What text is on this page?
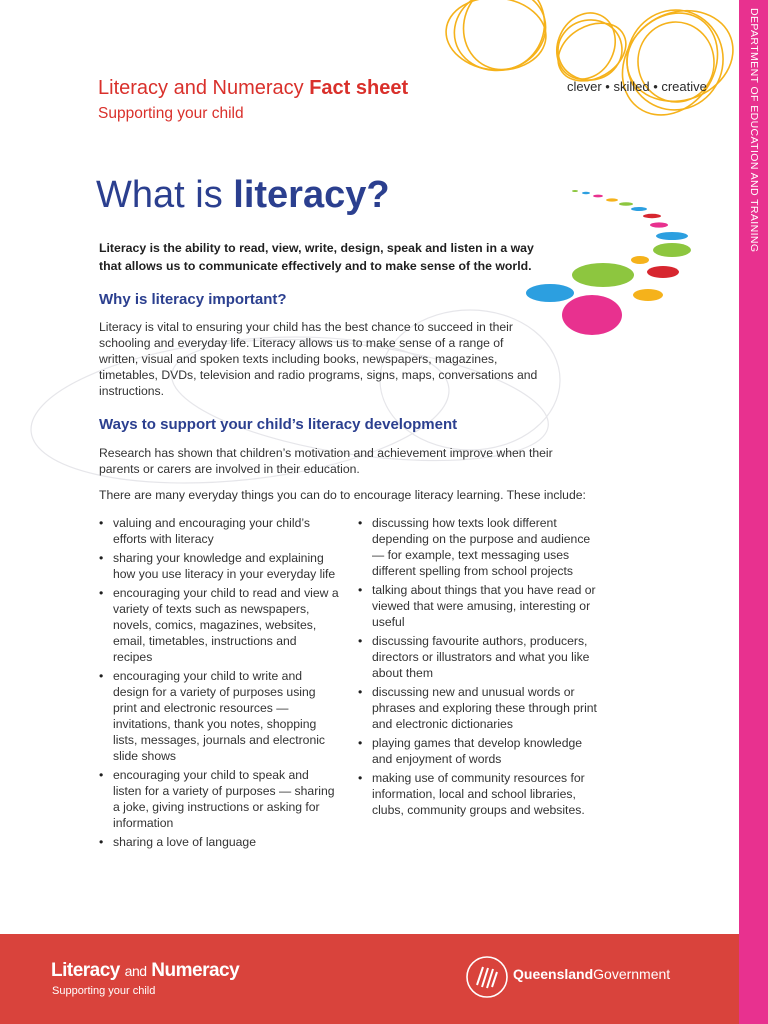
DEPARTMENT OF EDUCATION AND TRAINING
Literacy and Numeracy Fact sheet
Supporting your child
clever • skilled • creative
What is literacy?
Literacy is the ability to read, view, write, design, speak and listen in a way that allows us to communicate effectively and to make sense of the world.
Why is literacy important?
Literacy is vital to ensuring your child has the best chance to succeed in their schooling and everyday life. Literacy allows us to make sense of a range of written, visual and spoken texts including books, newspapers, magazines, timetables, DVDs, television and radio programs, signs, maps, conversations and instructions.
Ways to support your child’s literacy development
Research has shown that children’s motivation and achievement improve when their parents or carers are involved in their education.
There are many everyday things you can do to encourage literacy learning. These include:
• valuing and encouraging your child’s efforts with literacy
• sharing your knowledge and explaining how you use literacy in your everyday life
• encouraging your child to read and view a variety of texts such as newspapers, novels, comics, magazines, websites, email, timetables, instructions and recipes
• encouraging your child to write and design for a variety of purposes using print and electronic resources — invitations, thank you notes, shopping lists, messages, journals and electronic slide shows
• encouraging your child to speak and listen for a variety of purposes — sharing a joke, giving instructions or asking for information
• sharing a love of language
• discussing how texts look different depending on the purpose and audience — for example, text messaging uses different spelling from school projects
• talking about things that you have read or viewed that were amusing, interesting or useful
• discussing favourite authors, producers, directors or illustrators and what you like about them
• discussing new and unusual words or phrases and exploring these through print and electronic dictionaries
• playing games that develop knowledge and enjoyment of words
• making use of community resources for information, local and school libraries, clubs, community groups and websites.
Literacy and Numeracy
Supporting your child
QueenslandGovernment
